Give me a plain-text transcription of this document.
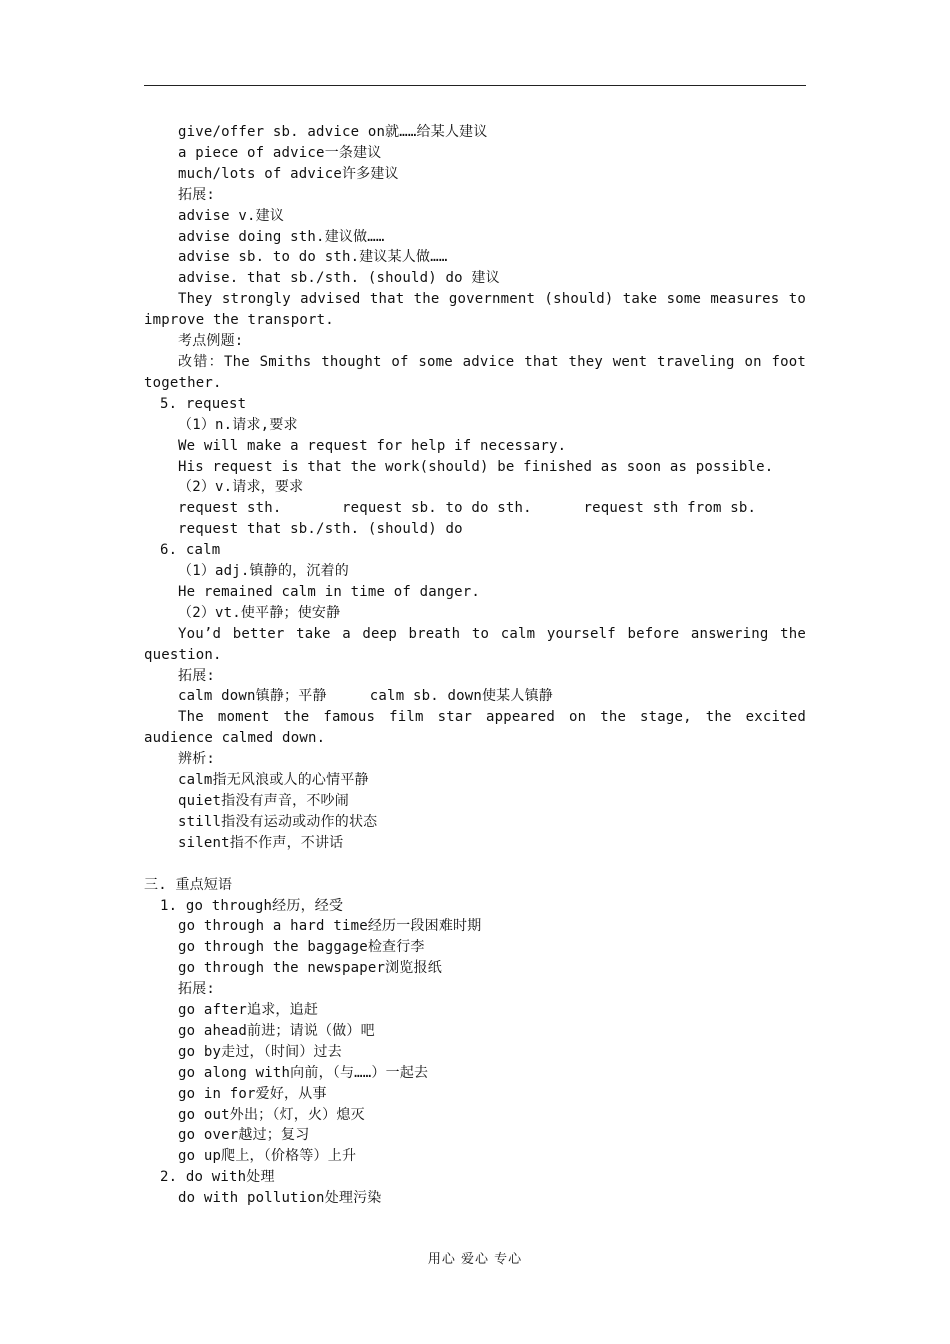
give/offer sb. advice on就……给某人建议
a piece of advice一条建议
much/lots of advice许多建议
拓展:
advise v.建议
advise doing sth.建议做……
advise sb. to do sth.建议某人做……
advise. that sb./sth. (should) do 建议
They strongly advised that the government (should) take some measures to improve the transport.
考点例题:
改错：The Smiths thought of some advice that they went traveling on foot together.
5. request
（1）n.请求,要求
We will make a request for help if necessary.
His request is that the work(should) be finished as soon as possible.
（2）v.请求，要求
request sth.       request sb. to do sth.      request sth from sb.
request that sb./sth. (should) do
6. calm
（1）adj.镇静的，沉着的
He remained calm in time of danger.
（2）vt.使平静；使安静
You’d better take a deep breath to calm yourself before answering the question.
拓展:
calm down镇静；平静     calm sb. down使某人镇静
The moment the famous film star appeared on the stage, the excited audience calmed down.
辨析:
calm指无风浪或人的心情平静
quiet指没有声音，不吵闹
still指没有运动或动作的状态
silent指不作声，不讲话
三. 重点短语
1. go through经历，经受
go through a hard time经历一段困难时期
go through the baggage检查行李
go through the newspaper浏览报纸
拓展:
go after追求，追赶
go ahead前进；请说（做）吧
go by走过，（时间）过去
go along with向前，（与……）一起去
go in for爱好，从事
go out外出；（灯，火）熄灭
go over越过；复习
go up爬上，（价格等）上升
2. do with处理
do with pollution处理污染
用心 爱心 专心
